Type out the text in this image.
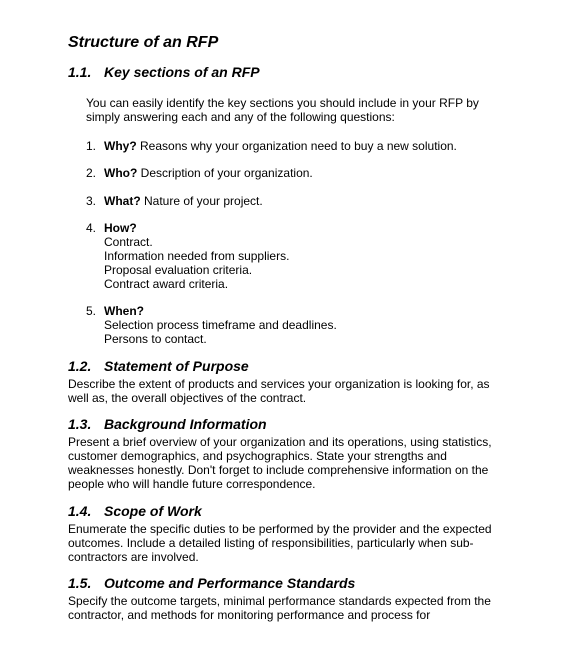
Structure of an RFP
1.1. Key sections of an RFP

You can easily identify the key sections you should include in your RFP by
simply answering each and any of the following questions:

1. Why? Reasons why your organization need to buy a new solution.
2. Who? Description of your organization.
3. What? Nature of your project.
4. How?
Contract.
Information needed from suppliers.
Proposal evaluation criteria.
Contract award criteria.
5. When?
Selection process timeframe and deadlines.
Persons to contact.
1.2. Statement of Purpose

Describe the extent of products and services your organization is looking for, as
well as, the overall objectives of the contract.

1.3. Background Information

Present a brief overview of your organization and its operations, using statistics,
customer demographics, and psychographics. State your strengths and
weaknesses honestly. Don't forget to include comprehensive information on the
people who will handle future correspondence.

1.4. Scope of Work

Enumerate the specific duties to be performed by the provider and the expected
outcomes. Include a detailed listing of responsibilities, particularly when sub-
contractors are involved.

1.5. Outcome and Performance Standards

Specify the outcome targets, minimal performance standards expected from the
contractor, and methods for monitoring performance and process for
